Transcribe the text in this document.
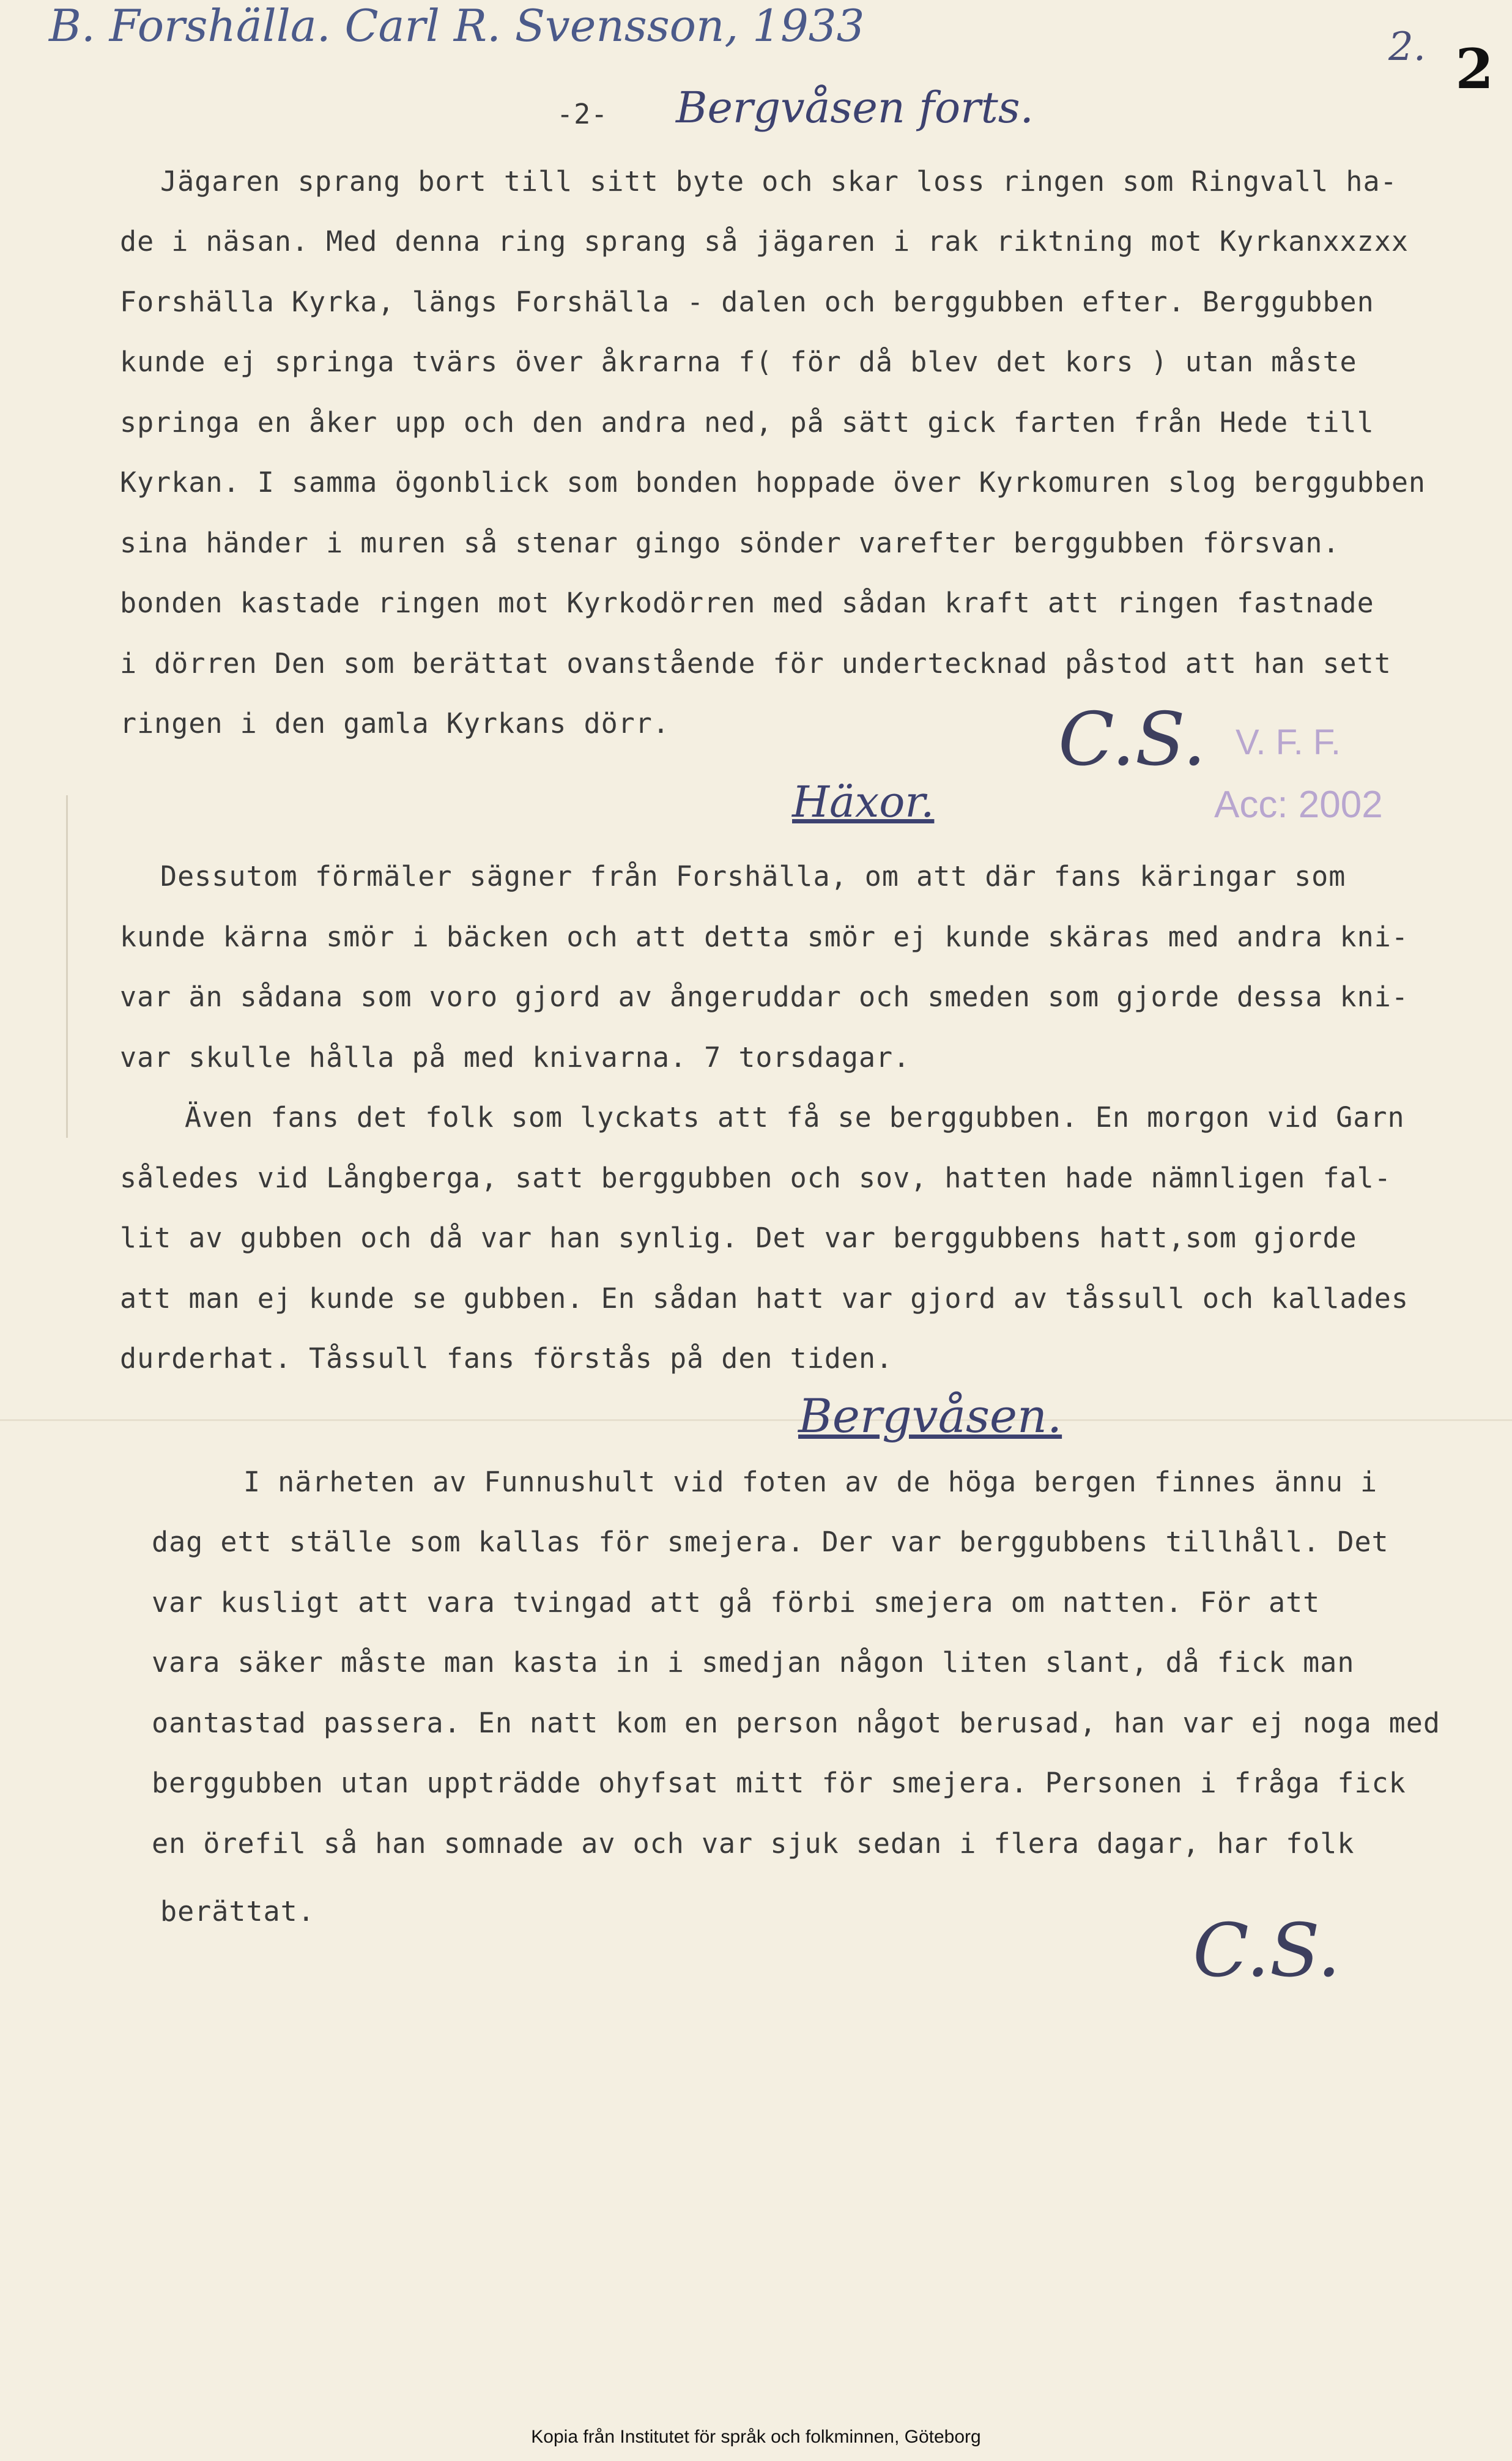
B. Forshälla. Carl R. Svensson, 1933	2. 2
-2- Bergvåsen forts.
Jägaren sprang bort till sitt byte och skar loss ringen som Ringvall ha-
de i näsan. Med denna ring sprang så jägaren i rak riktning mot Kyrkanxxzxx
Forshälla Kyrka, längs Forshälla - dalen och berggubben efter. Berggubben
kunde ej springa tvärs över åkrarna f( för då blev det kors ) utan måste
springa en åker upp och den andra ned, på sätt gick farten från Hede till
Kyrkan. I samma ögonblick som bonden hoppade över Kyrkomuren slog berggubben
sina händer i muren så stenar gingo sönder varefter berggubben försvan.
bonden kastade ringen mot Kyrkodörren med sådan kraft att ringen fastnade
i dörren Den som berättat ovanstående för undertecknad påstod att han sett
ringen i den gamla Kyrkans dörr.	C.S. V. F. F.
Acc: 2002
Häxor.
Dessutom förmäler sägner från Forshälla, om att där fans käringar som
kunde kärna smör i bäcken och att detta smör ej kunde skäras med andra kni-
var än sådana som voro gjord av ångeruddar och smeden som gjorde dessa kni-
var skulle hålla på med knivarna. 7 torsdagar.
Även fans det folk som lyckats att få se berggubben. En morgon vid Garn
således vid Långberga, satt berggubben och sov, hatten hade nämnligen fal-
lit av gubben och då var han synlig. Det var berggubbens hatt,som gjorde
att man ej kunde se gubben. En sådan hatt var gjord av tåssull och kallades
durderhat. Tåssull fans förstås på den tiden.
Bergvåsen.
I närheten av Funnushult vid foten av de höga bergen finnes ännu i
dag ett ställe som kallas för smejera. Der var berggubbens tillhåll. Det
var kusligt att vara tvingad att gå förbi smejera om natten. För att
vara säker måste man kasta in i smedjan någon liten slant, då fick man
oantastad passera. En natt kom en person något berusad, han var ej noga med
berggubben utan uppträdde ohyfsat mitt för smejera. Personen i fråga fick
en örefil så han somnade av och var sjuk sedan i flera dagar, har folk
berättat.	C.S.
Kopia från Institutet för språk och folkminnen, Göteborg
